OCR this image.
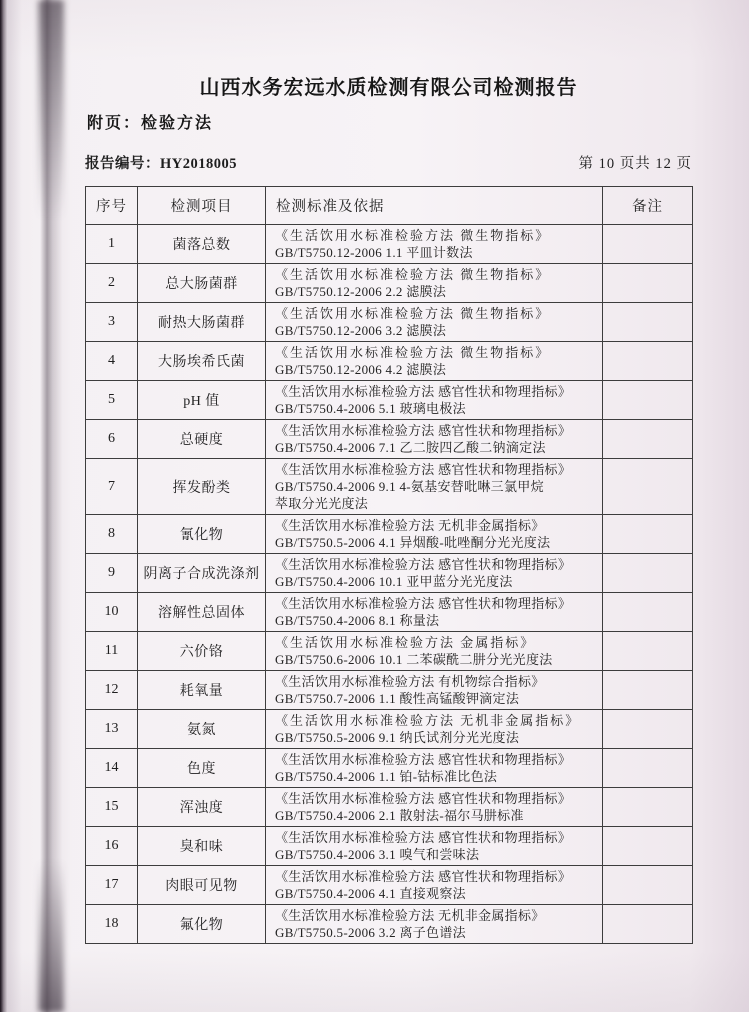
山西水务宏远水质检测有限公司检测报告
附页：检验方法
报告编号：HY2018005	第 10 页共 12 页
序号	检测项目	检测标准及依据	备注
1	菌落总数	《生活饮用水标准检验方法 微生物指标》
GB/T5750.12-2006 1.1 平皿计数法	

2	总大肠菌群	《生活饮用水标准检验方法 微生物指标》
GB/T5750.12-2006 2.2 滤膜法	

3	耐热大肠菌群	《生活饮用水标准检验方法 微生物指标》
GB/T5750.12-2006 3.2 滤膜法	

4	大肠埃希氏菌	《生活饮用水标准检验方法 微生物指标》
GB/T5750.12-2006 4.2 滤膜法	

5	pH 值	《生活饮用水标准检验方法 感官性状和物理指标》
GB/T5750.4-2006 5.1 玻璃电极法	

6	总硬度	《生活饮用水标准检验方法 感官性状和物理指标》
GB/T5750.4-2006 7.1 乙二胺四乙酸二钠滴定法	

7	挥发酚类	《生活饮用水标准检验方法 感官性状和物理指标》
GB/T5750.4-2006 9.1 4-氨基安替吡啉三氯甲烷
萃取分光光度法	

8	氰化物	《生活饮用水标准检验方法 无机非金属指标》
GB/T5750.5-2006 4.1 异烟酸-吡唑酮分光光度法	

9	阴离子合成洗涤剂	《生活饮用水标准检验方法 感官性状和物理指标》
GB/T5750.4-2006 10.1 亚甲蓝分光光度法	

10	溶解性总固体	《生活饮用水标准检验方法 感官性状和物理指标》
GB/T5750.4-2006 8.1 称量法	

11	六价铬	《生活饮用水标准检验方法 金属指标》
GB/T5750.6-2006 10.1 二苯碳酰二肼分光光度法	

12	耗氧量	《生活饮用水标准检验方法 有机物综合指标》
GB/T5750.7-2006 1.1 酸性高锰酸钾滴定法	

13	氨氮	《生活饮用水标准检验方法 无机非金属指标》
GB/T5750.5-2006 9.1 纳氏试剂分光光度法	

14	色度	《生活饮用水标准检验方法 感官性状和物理指标》
GB/T5750.4-2006 1.1 铂-钴标准比色法	

15	浑浊度	《生活饮用水标准检验方法 感官性状和物理指标》
GB/T5750.4-2006 2.1 散射法-福尔马肼标准	

16	臭和味	《生活饮用水标准检验方法 感官性状和物理指标》
GB/T5750.4-2006 3.1 嗅气和尝味法	

17	肉眼可见物	《生活饮用水标准检验方法 感官性状和物理指标》
GB/T5750.4-2006 4.1 直接观察法	

18	氟化物	《生活饮用水标准检验方法 无机非金属指标》
GB/T5750.5-2006 3.2 离子色谱法	
